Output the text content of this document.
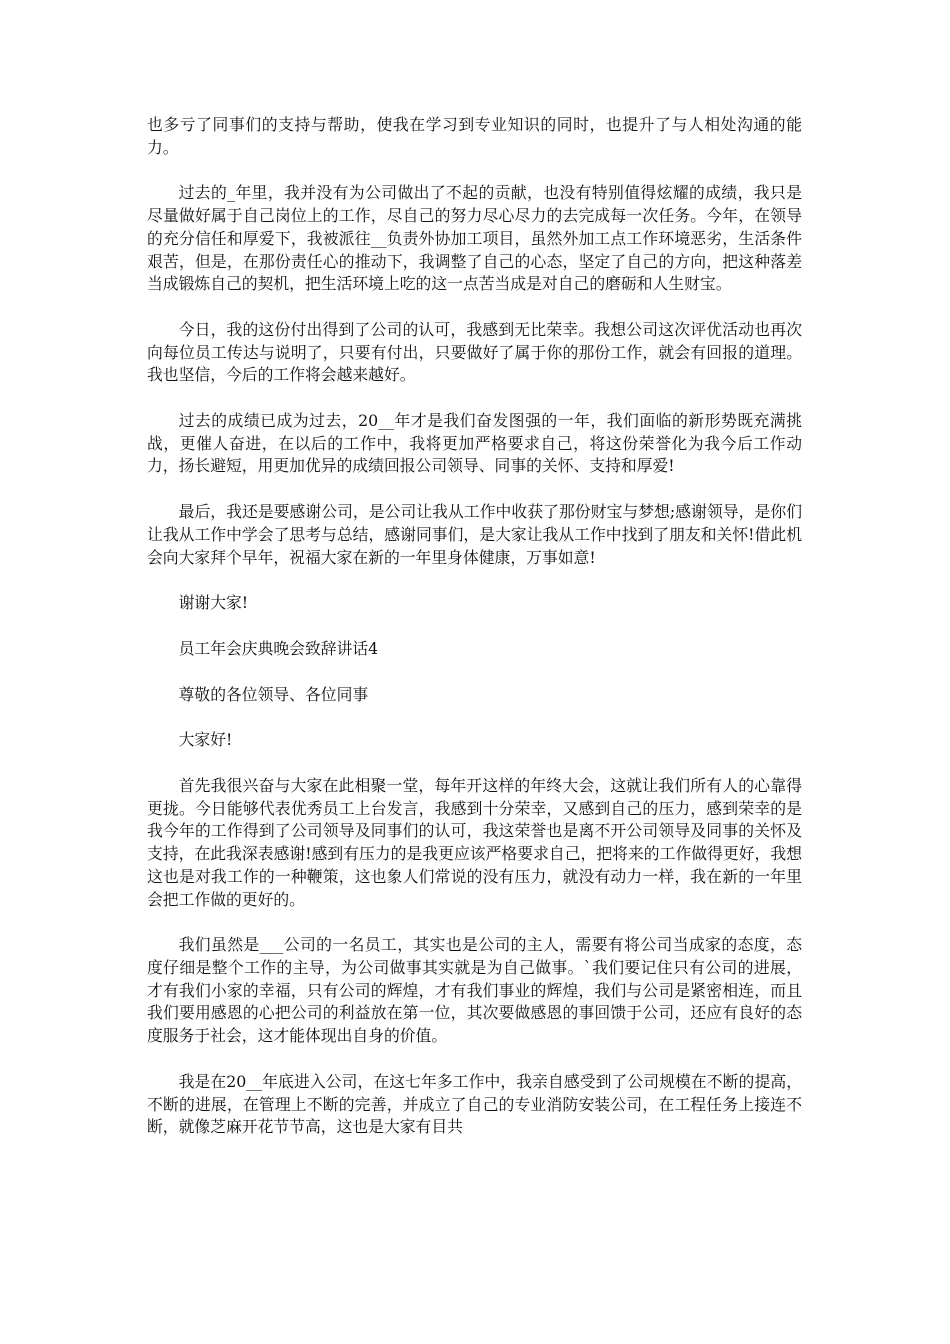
也多亏了同事们的支持与帮助，使我在学习到专业知识的同时，也提升了与人相处沟通的能力。

过去的_年里，我并没有为公司做出了不起的贡献，也没有特别值得炫耀的成绩，我只是尽量做好属于自己岗位上的工作，尽自己的努力尽心尽力的去完成每一次任务。今年，在领导的充分信任和厚爱下，我被派往__负责外协加工项目，虽然外加工点工作环境恶劣，生活条件艰苦，但是，在那份责任心的推动下，我调整了自己的心态，坚定了自己的方向，把这种落差当成锻炼自己的契机，把生活环境上吃的这一点苦当成是对自己的磨砺和人生财宝。

今日，我的这份付出得到了公司的认可，我感到无比荣幸。我想公司这次评优活动也再次向每位员工传达与说明了，只要有付出，只要做好了属于你的那份工作，就会有回报的道理。我也坚信，今后的工作将会越来越好。

过去的成绩已成为过去，20__年才是我们奋发图强的一年，我们面临的新形势既充满挑战，更催人奋进，在以后的工作中，我将更加严格要求自己，将这份荣誉化为我今后工作动力，扬长避短，用更加优异的成绩回报公司领导、同事的关怀、支持和厚爱!

最后，我还是要感谢公司，是公司让我从工作中收获了那份财宝与梦想;感谢领导，是你们让我从工作中学会了思考与总结，感谢同事们，是大家让我从工作中找到了朋友和关怀!借此机会向大家拜个早年，祝福大家在新的一年里身体健康，万事如意!

谢谢大家!

员工年会庆典晚会致辞讲话4

尊敬的各位领导、各位同事

大家好!

首先我很兴奋与大家在此相聚一堂，每年开这样的年终大会，这就让我们所有人的心靠得更拢。今日能够代表优秀员工上台发言，我感到十分荣幸，又感到自己的压力，感到荣幸的是我今年的工作得到了公司领导及同事们的认可，我这荣誉也是离不开公司领导及同事的关怀及支持，在此我深表感谢!感到有压力的是我更应该严格要求自己，把将来的工作做得更好，我想这也是对我工作的一种鞭策，这也象人们常说的没有压力，就没有动力一样，我在新的一年里会把工作做的更好的。

我们虽然是___公司的一名员工，其实也是公司的主人，需要有将公司当成家的态度，态度仔细是整个工作的主导，为公司做事其实就是为自己做事。`我们要记住只有公司的进展，才有我们小家的幸福，只有公司的辉煌，才有我们事业的辉煌，我们与公司是紧密相连，而且我们要用感恩的心把公司的利益放在第一位，其次要做感恩的事回馈于公司，还应有良好的态度服务于社会，这才能体现出自身的价值。

我是在20__年底进入公司，在这七年多工作中，我亲自感受到了公司规模在不断的提高，不断的进展，在管理上不断的完善，并成立了自己的专业消防安装公司，在工程任务上接连不断，就像芝麻开花节节高，这也是大家有目共
